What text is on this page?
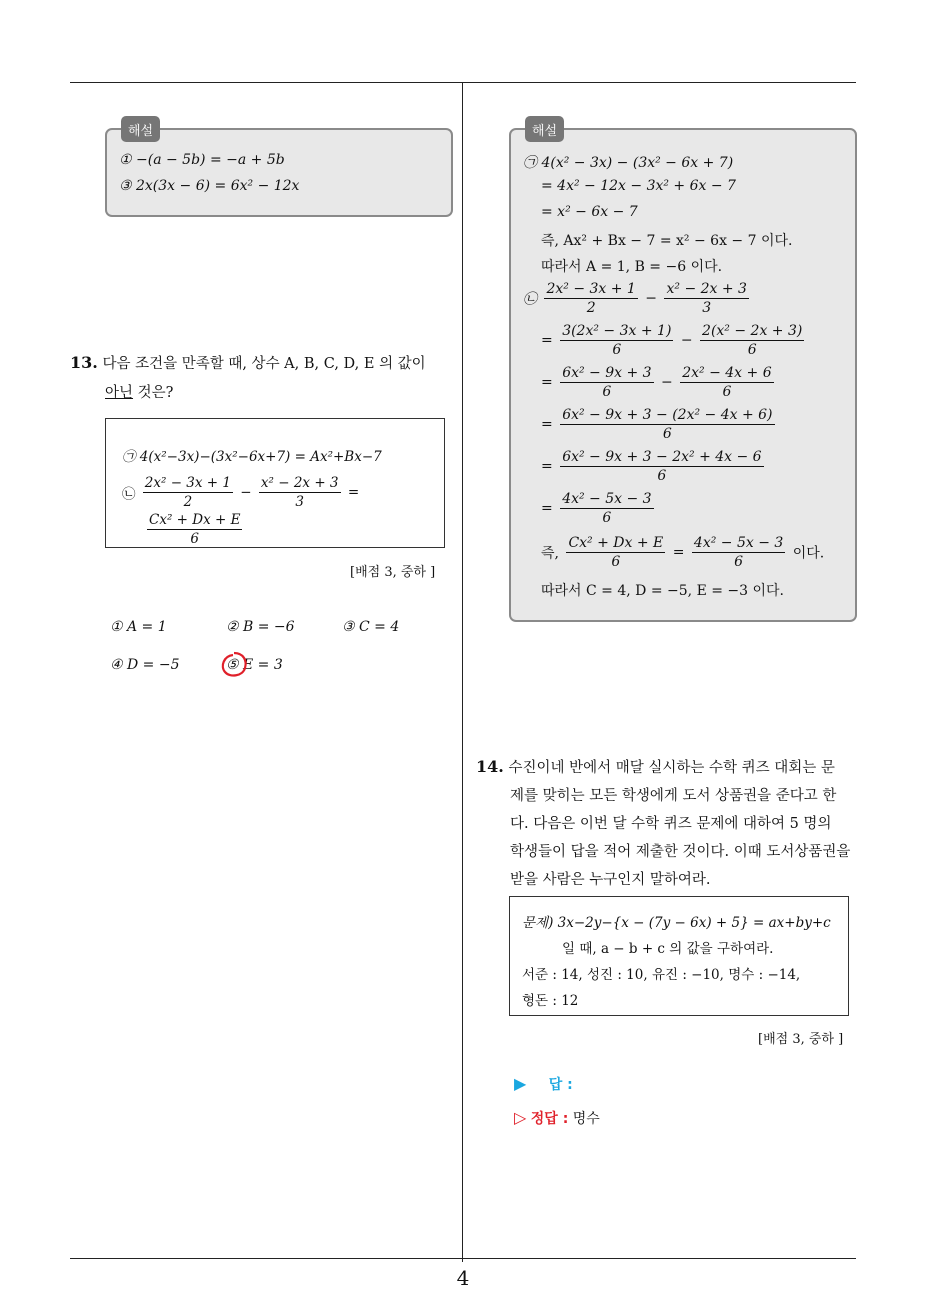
해설
① −(a − 5b) = −a + 5b
③ 2x(3x − 6) = 6x² − 12x
13. 다음 조건을 만족할 때, 상수 A, B, C, D, E 의 값이
아닌 것은?
㉠ 4(x²−3x)−(3x²−6x+7) = Ax²+Bx−7
㉡ $\frac{\text{2x² − 3x + 1}}{2} - \frac{\text{x² − 2x + 3}}{3}$ =
$\frac{\text{Cx² + Dx + E}}{6}$
[배점 3, 중하 ]
① A = 1	② B = −6	③ C = 4
④ D = −5	⑤ E = 3
해설
㉠ 4(x² − 3x) − (3x² − 6x + 7)
= 4x² − 12x − 3x² + 6x − 7
= x² − 6x − 7
즉, Ax² + Bx − 7 = x² − 6x − 7 이다.
따라서 A = 1, B = −6 이다.
㉡ $\frac{\text{2x² − 3x + 1}}{2} - \frac{\text{x² − 2x + 3}}{3}$
= $\frac{\text{3(2x² − 3x + 1)}}{6} - \frac{\text{2(x² − 2x + 3)}}{6}$
= $\frac{\text{6x² − 9x + 3}}{6} - \frac{\text{2x² − 4x + 6}}{6}$
= $\frac{\text{6x² − 9x + 3 − (2x² − 4x + 6)}}{6}$
= $\frac{\text{6x² − 9x + 3 − 2x² + 4x − 6}}{6}$
= $\frac{\text{4x² − 5x − 3}}{6}$
즉, $\frac{\text{Cx² + Dx + E}}{6} = \frac{\text{4x² − 5x − 3}}{6}$ 이다.
따라서 C = 4, D = −5, E = −3 이다.
14. 수진이네 반에서 매달 실시하는 수학 퀴즈 대회는 문
제를 맞히는 모든 학생에게 도서 상품권을 준다고 한
다. 다음은 이번 달 수학 퀴즈 문제에 대하여 5 명의
학생들이 답을 적어 제출한 것이다. 이때 도서상품권을
받을 사람은 누구인지 말하여라.
문제) 3x−2y−{x − (7y − 6x) + 5} = ax+by+c
일 때, a − b + c 의 값을 구하여라.
서준 : 14, 성진 : 10, 유진 : −10, 명수 : −14,
형돈 : 12
[배점 3, 중하 ]
▶ 답 :
▷ 정답 : 명수
4
